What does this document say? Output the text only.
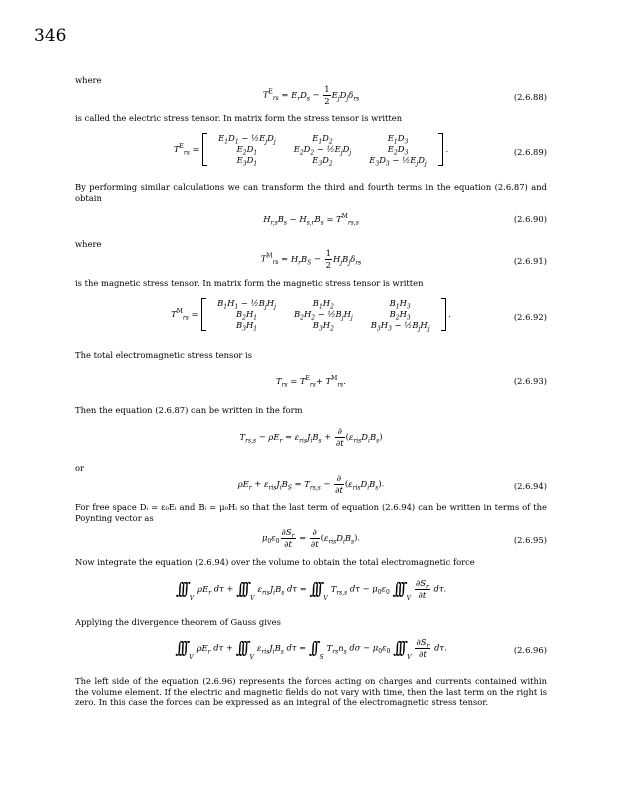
346
where
$T^E_{rs} = E_rD_s - \frac{1}{2} E_jD_j\delta_{rs}$	(2.6.88)
is called the electric stress tensor. In matrix form the stress tensor is written
$T^E_{rs}$ =
$E_1D_1$ − $\frac{1}{2}E_jD_j$	$E_1D_2$	$E_1D_3$
$E_2D_1$	$E_2D_2$ − $\frac{1}{2}E_jD_j$	$E_2D_3$
$E_3D_1$	$E_3D_2$	$E_3D_3$ − $\frac{1}{2}E_jD_j$
.	(2.6.89)
By performing similar calculations we can transform the third and fourth terms in the equation (2.6.87) and obtain
$H_{r,s}B_s - H_{s,r}B_s = T^M_{rs,s}$	(2.6.90)
where
$T^M_{rs} = H_rB_S - \frac{1}{2} H_jB_j\delta_{rs}$	(2.6.91)
is the magnetic stress tensor. In matrix form the magnetic stress tensor is written
$T^M_{rs}$ =
$B_1H_1$ − $\frac{1}{2}B_jH_j$	$B_1H_2$	$B_1H_3$
$B_2H_1$	$B_2H_2$ − $\frac{1}{2}B_jH_j$	$B_2H_3$
$B_3H_1$	$B_3H_2$	$B_3H_3$ − $\frac{1}{2}B_jH_j$
.	(2.6.92)
The total electromagnetic stress tensor is
$T_{rs} = T^E_{rs}+ T^M_{rs}$.	(2.6.93)
Then the equation (2.6.87) can be written in the form
$T_{rs,s} - \rho E_r = \varepsilon_{ris}J_iB_s + \frac{\partial}{\partial t} (\varepsilon_{ris}D_iB_s)$
or
$\rho E_r + \varepsilon_{ris}J_iB_S = T_{rs,s} - \frac{\partial}{\partial t} (\varepsilon_{ris}D_iB_s)$.	(2.6.94)
For free space Dᵢ = ε₀Eᵢ and Bᵢ = μ₀Hᵢ so that the last term of equation (2.6.94) can be written in terms of the Poynting vector as
$\mu_0\varepsilon_0 \frac{\partial S_r}{\partial t} = \frac{\partial}{\partial t} (\varepsilon_{ris}D_iB_s)$.	(2.6.95)
Now integrate the equation (2.6.94) over the volume to obtain the total electromagnetic force
∫∫∫ $_V\rho E_r$ dτ + ∫∫∫ $_V\varepsilon_{ris}J_iB_s$ dτ = ∫∫∫ $_VT_{rs,s}$ $d\tau - \mu_0\varepsilon_0$ ∫∫∫ $_V \frac{\partial S_r}{\partial t} d\tau$.
Applying the divergence theorem of Gauss gives
∫∫∫ $_V\rho E_r$ dτ + ∫∫∫ $_V\varepsilon_{ris}J_iB_s$ dτ = ∫∫ $_ST_{rs}n_s$ $d\sigma - \mu_0\varepsilon_0$ ∫∫∫ $_V \frac{\partial S_r}{\partial t} d\tau$.	(2.6.96)
The left side of the equation (2.6.96) represents the forces acting on charges and currents contained within the volume element. If the electric and magnetic fields do not vary with time, then the last term on the right is zero. In this case the forces can be expressed as an integral of the electromagnetic stress tensor.
